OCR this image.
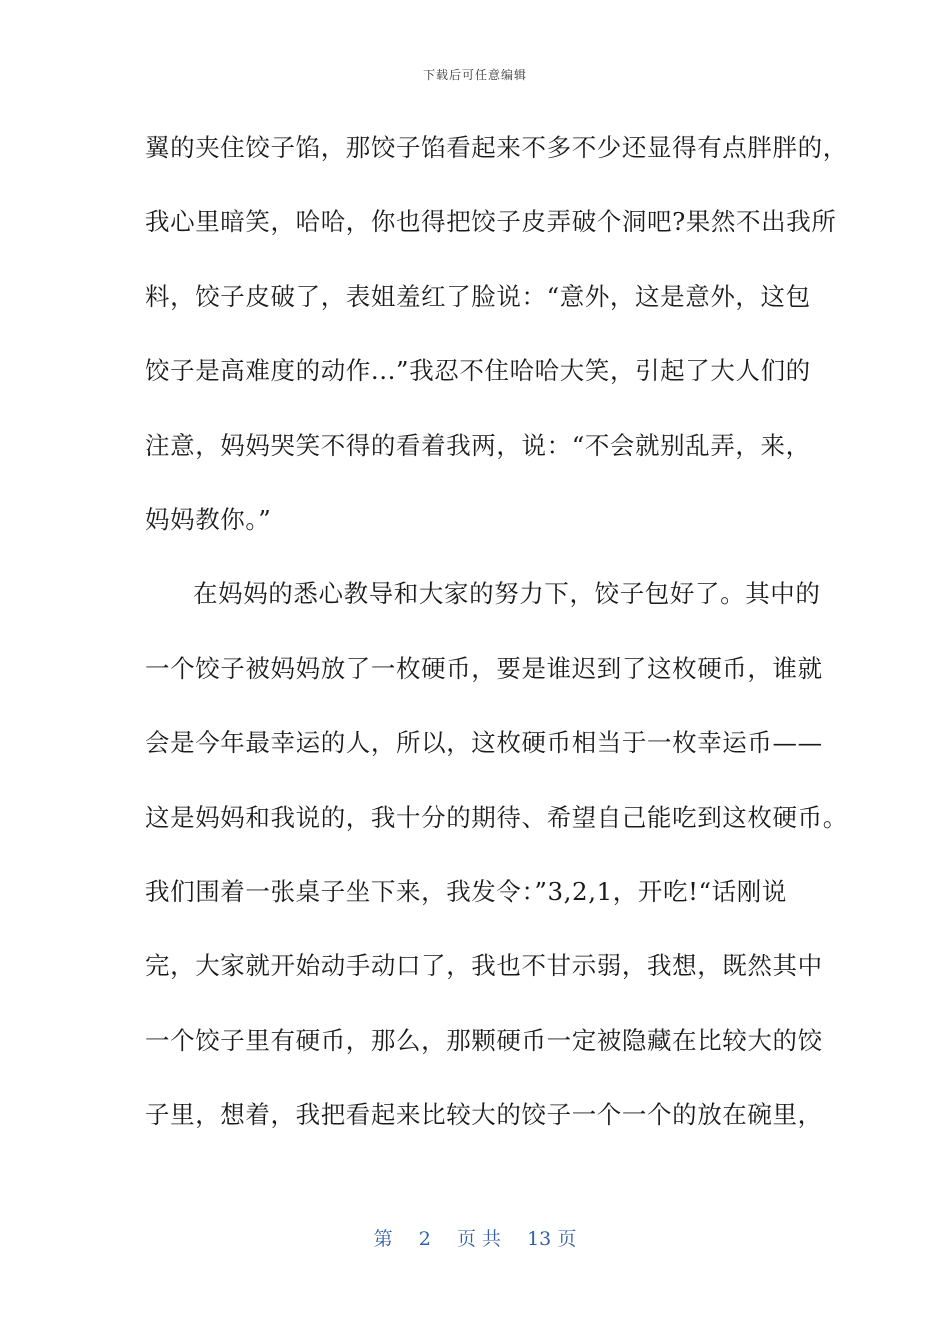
下载后可任意编辑
翼的夹住饺子馅，那饺子馅看起来不多不少还显得有点胖胖的，
我心里暗笑，哈哈，你也得把饺子皮弄破个洞吧?果然不出我所
料，饺子皮破了，表姐羞红了脸说：“意外，这是意外，这包
饺子是高难度的动作...”我忍不住哈哈大笑，引起了大人们的
注意，妈妈哭笑不得的看着我两，说：“不会就别乱弄，来，
妈妈教你。”
在妈妈的悉心教导和大家的努力下，饺子包好了。其中的
一个饺子被妈妈放了一枚硬币，要是谁迟到了这枚硬币，谁就
会是今年最幸运的人，所以，这枚硬币相当于一枚幸运币——
这是妈妈和我说的，我十分的期待、希望自己能吃到这枚硬币。
我们围着一张桌子坐下来，我发令：”3,2,1，开吃!“话刚说
完，大家就开始动手动口了，我也不甘示弱，我想，既然其中
一个饺子里有硬币，那么，那颗硬币一定被隐藏在比较大的饺
子里，想着，我把看起来比较大的饺子一个一个的放在碗里，
第 2 页 共 13 页
